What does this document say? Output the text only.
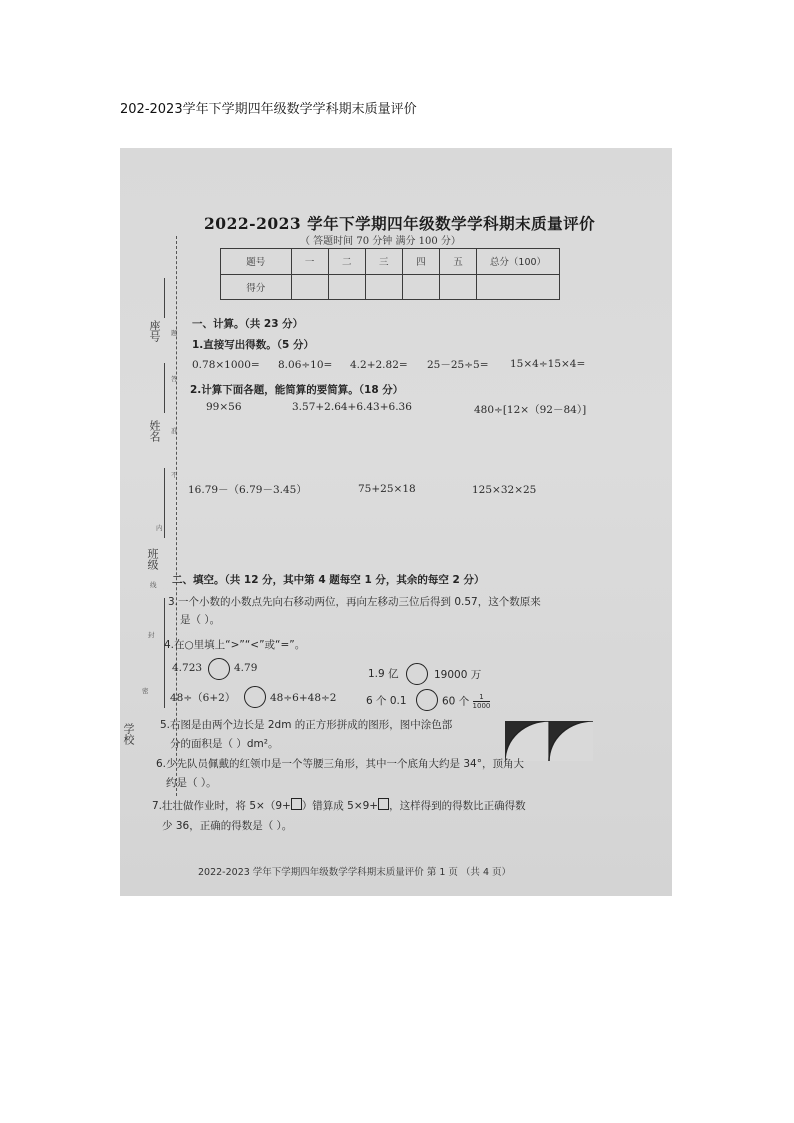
202-2023学年下学期四年级数学学科期末质量评价
2022-2023 学年下学期四年级数学学科期末质量评价
（ 答题时间 70 分钟 满分 100 分）
题号	一	二	三	四	五	总分（100）
得分						
座号
姓名
班级
学校
题
答
准
不
内
线
封
密
一、计算。（共 23 分）
1.直接写出得数。（5 分）
0.78×1000= 8.06÷10= 4.2+2.82= 25－25÷5= 15×4÷15×4=
2.计算下面各题，能简算的要简算。（18 分）
99×56	3.57+2.64+6.43+6.36	480÷[12×（92－84）]
16.79－（6.79－3.45）	75+25×18	125×32×25
二、填空。（共 12 分，其中第 4 题每空 1 分，其余的每空 2 分）
3.一个小数的小数点先向右移动两位，再向左移动三位后得到 0.57，这个数原来
是（ ）。
4.在○里填上“>”“<”或“=”。
4.723	4.79	1.9 亿	19000 万
48÷（6+2）	48÷6+48÷2	6 个 0.1	60 个 $\frac{1}{1000}$
5.右图是由两个边长是 2dm 的正方形拼成的图形，图中涂色部
分的面积是（ ）dm²。
6.少先队员佩戴的红领巾是一个等腰三角形，其中一个底角大约是 34°，顶角大
约是（ ）。
7.壮壮做作业时，将 5×（9+ ）错算成 5×9+ ，这样得到的得数比正确得数
少 36，正确的得数是（ ）。
2022-2023 学年下学期四年级数学学科期末质量评价 第 1 页 （共 4 页）
